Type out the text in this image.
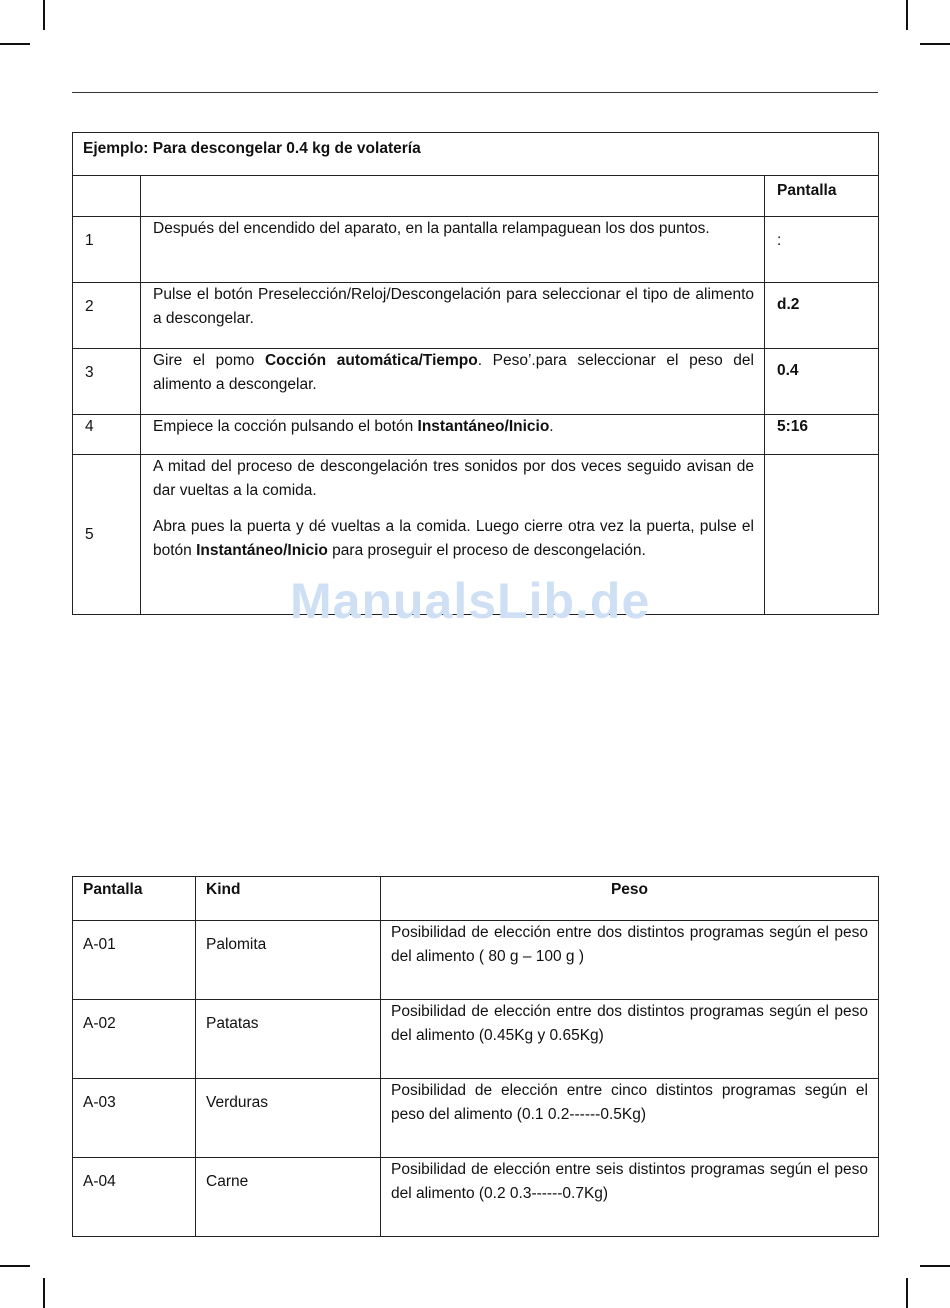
Ejemplo: Para descongelar 0.4 kg de volatería		
		Pantalla
1	Después del encendido del aparato, en la pantalla relampaguean los dos puntos.	:
2	Pulse el botón Preselección/Reloj/Descongelación para seleccionar el tipo de alimento a descongelar.	d.2
3	Gire el pomo Cocción automática/Tiempo. Peso’.para seleccionar el peso del alimento a descongelar.	0.4
4	Empiece la cocción pulsando el botón Instantáneo/Inicio.	5:16
5	A mitad del proceso de descongelación tres sonidos por dos veces seguido avisan de dar vueltas a la comida.

Abra pues la puerta y dé vueltas a la comida. Luego cierre otra vez la puerta, pulse el botón Instantáneo/Inicio para proseguir el proceso de descongelación.	

ManualsLib.de
Pantalla	Kind	Peso
A-01	Palomita	Posibilidad de elección entre dos distintos programas según el peso del alimento ( 80 g – 100 g )
A-02	Patatas	Posibilidad de elección entre dos distintos programas según el peso del alimento (0.45Kg y 0.65Kg)
A-03	Verduras	Posibilidad de elección entre cinco distintos programas según el peso del alimento (0.1 0.2------0.5Kg)
A-04	Carne	Posibilidad de elección entre seis distintos programas según el peso del alimento (0.2 0.3------0.7Kg)
